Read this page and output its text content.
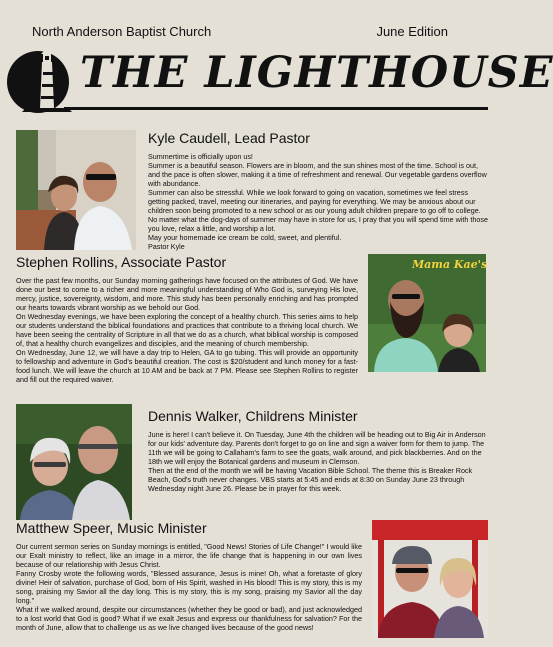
North Anderson Baptist Church	June Edition
THE LIGHTHOUSE
Kyle Caudell, Lead Pastor

Summertime is officially upon us!

Summer is a beautiful season. Flowers are in bloom, and the sun shines most of the time. School is out, and the pace is often slower, making it a time of refreshment and renewal. Our vegetable gardens overflow with abundance.

Summer can also be stressful. While we look forward to going on vacation, sometimes we feel stress getting packed, travel, meeting our itineraries, and paying for everything. We may be anxious about our children soon being promoted to a new school or as our young adult children prepare to go off to college.

No matter what the dog-days of summer may have in store for us, I pray that you will spend time with those you love, relax a little, and worship a lot.

May your homemade ice cream be cold, sweet, and plentiful.

Pastor Kyle

Stephen Rollins, Associate Pastor

Over the past few months, our Sunday morning gatherings have focused on the attributes of God. We have done our best to come to a richer and more meaningful understanding of Who God is, surveying His love, mercy, justice, sovereignty, wisdom, and more. This study has been personally enriching and has prompted our hearts towards vibrant worship as we behold our God.

On Wednesday evenings, we have been exploring the concept of a healthy church. This series aims to help our students understand the biblical foundations and practices that contribute to a thriving local church. We have been seeing the centrality of Scripture in all that we do as a church, what biblical worship is composed of, that a healthy church evangelizes and disciples, and the meaning of church membership.

On Wednesday, June 12, we will have a day trip to Helen, GA to go tubing. This will provide an opportunity to fellowship and adventure in God's beautiful creation. The cost is $20/student and lunch money for a fast-food lunch. We will leave the church at 10 AM and be back at 7 PM. Please see Stephen Rollins to register and fill out the required waiver.

Mama Kae's
Dennis Walker, Childrens Minister

June is here! I can't believe it. On Tuesday, June 4th the children will be heading out to Big Air in Anderson for our kids' adventure day. Parents don't forget to go on line and sign a waiver form for them to jump. The 11th we will be going to Callaham's farm to see the goats, walk around, and pick blackberries. And on the 18th we will enjoy the Botanical gardens and museum in Clemson.

Then at the end of the month we will be having Vacation Bible School. The theme this is Breaker Rock Beach, God's truth never changes. VBS starts at 5:45 and ends at 8:30 on Sunday June 23 through Wednesday night June 26. Please be in prayer for this week.

Matthew Speer, Music Minister

Our current sermon series on Sunday mornings is entitled, "Good News! Stories of Life Change!" I would like our Exalt ministry to reflect, like an image in a mirror, the life change that is happening in our own lives because of our relationship with Jesus Christ.

Fanny Crosby wrote the following words, "Blessed assurance, Jesus is mine! Oh, what a foretaste of glory divine! Heir of salvation, purchase of God, born of His Spirit, washed in His blood! This is my story, this is my song, praising my Savior all the day long. This is my story, this is my song, praising my Savior all the day long."

What if we walked around, despite our circumstances (whether they be good or bad), and just acknowledged to a lost world that God is good? What if we exalt Jesus and express our thankfulness for salvation? For the month of June, allow that to challenge us as we live changed lives because of the good news!
